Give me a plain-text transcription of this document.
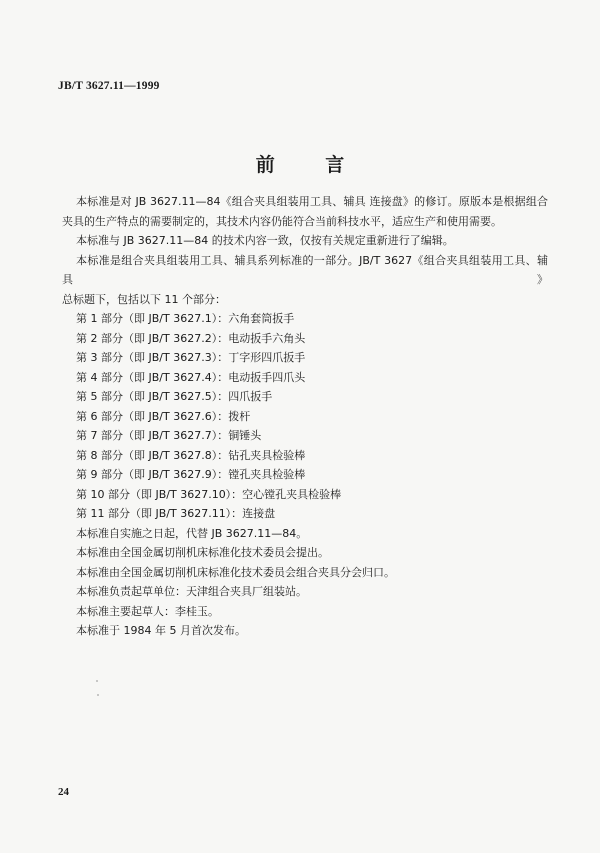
JB/T 3627.11—1999
前 言

本标准是对 JB 3627.11—84《组合夹具组装用工具、辅具 连接盘》的修订。原版本是根据组合

夹具的生产特点的需要制定的，其技术内容仍能符合当前科技水平，适应生产和使用需要。

本标准与 JB 3627.11—84 的技术内容一致，仅按有关规定重新进行了编辑。

本标准是组合夹具组装用工具、辅具系列标准的一部分。JB/T 3627《组合夹具组装用工具、辅具》

总标题下，包括以下 11 个部分：

第 1 部分（即 JB/T 3627.1）：六角套筒扳手

第 2 部分（即 JB/T 3627.2）：电动扳手六角头

第 3 部分（即 JB/T 3627.3）：丁字形四爪扳手

第 4 部分（即 JB/T 3627.4）：电动扳手四爪头

第 5 部分（即 JB/T 3627.5）：四爪扳手

第 6 部分（即 JB/T 3627.6）：拨杆

第 7 部分（即 JB/T 3627.7）：铜锤头

第 8 部分（即 JB/T 3627.8）：钻孔夹具检验棒

第 9 部分（即 JB/T 3627.9）：镗孔夹具检验棒

第 10 部分（即 JB/T 3627.10）：空心镗孔夹具检验棒

第 11 部分（即 JB/T 3627.11）：连接盘

本标准自实施之日起，代替 JB 3627.11—84。

本标准由全国金属切削机床标准化技术委员会提出。

本标准由全国金属切削机床标准化技术委员会组合夹具分会归口。

本标准负责起草单位：天津组合夹具厂组装站。

本标准主要起草人：李桂玉。

本标准于 1984 年 5 月首次发布。

24
